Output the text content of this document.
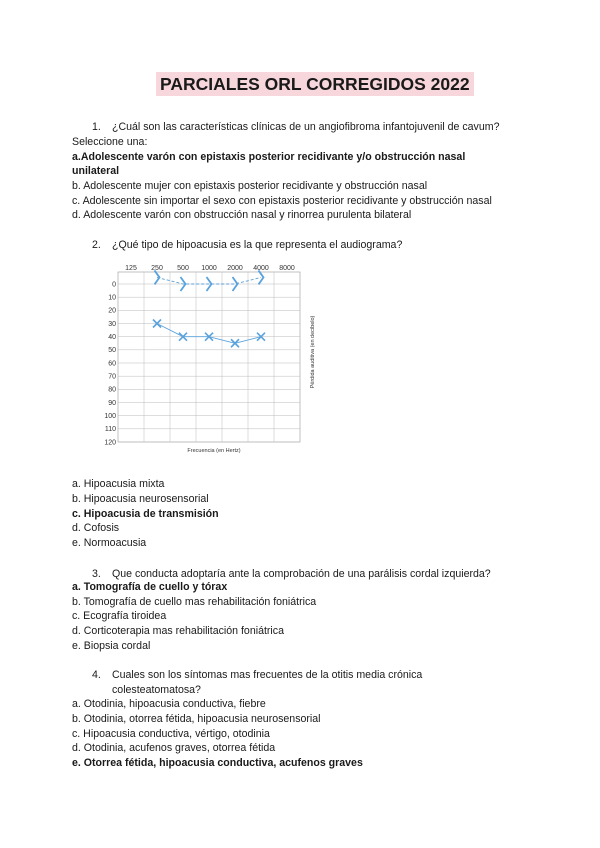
PARCIALES ORL CORREGIDOS 2022
1. ¿Cuál son las características clínicas de un angiofibroma infantojuvenil de cavum?
Seleccione una:
a.Adolescente varón con epistaxis posterior recidivante y/o obstrucción nasal
unilateral
b. Adolescente mujer con epistaxis posterior recidivante y obstrucción nasal
c. Adolescente sin importar el sexo con epistaxis posterior recidivante y obstrucción nasal
d. Adolescente varón con obstrucción nasal y rinorrea purulenta bilateral
2. ¿Qué tipo de hipoacusia es la que representa el audiograma?
125 250 500 1000 2000 4000 8000
0
10
20
30
40
50
60
70
80
90
100
110
120
Frecuencia (en Hertz)
Pérdida auditiva (en decibelo)
a. Hipoacusia mixta
b. Hipoacusia neurosensorial
c. Hipoacusia de transmisión
d. Cofosis
e. Normoacusia
3. Que conducta adoptaría ante la comprobación de una parálisis cordal izquierda?
a. Tomografía de cuello y tórax
b. Tomografía de cuello mas rehabilitación foniátrica
c. Ecografía tiroidea
d. Corticoterapia mas rehabilitación foniátrica
e. Biopsia cordal
4. Cuales son los síntomas mas frecuentes de la otitis media crónica
colesteatomatosa?
a. Otodinia, hipoacusia conductiva, fiebre
b. Otodinia, otorrea fétida, hipoacusia neurosensorial
c. Hipoacusia conductiva, vértigo, otodinia
d. Otodinia, acufenos graves, otorrea fétida
e. Otorrea fétida, hipoacusia conductiva, acufenos graves
